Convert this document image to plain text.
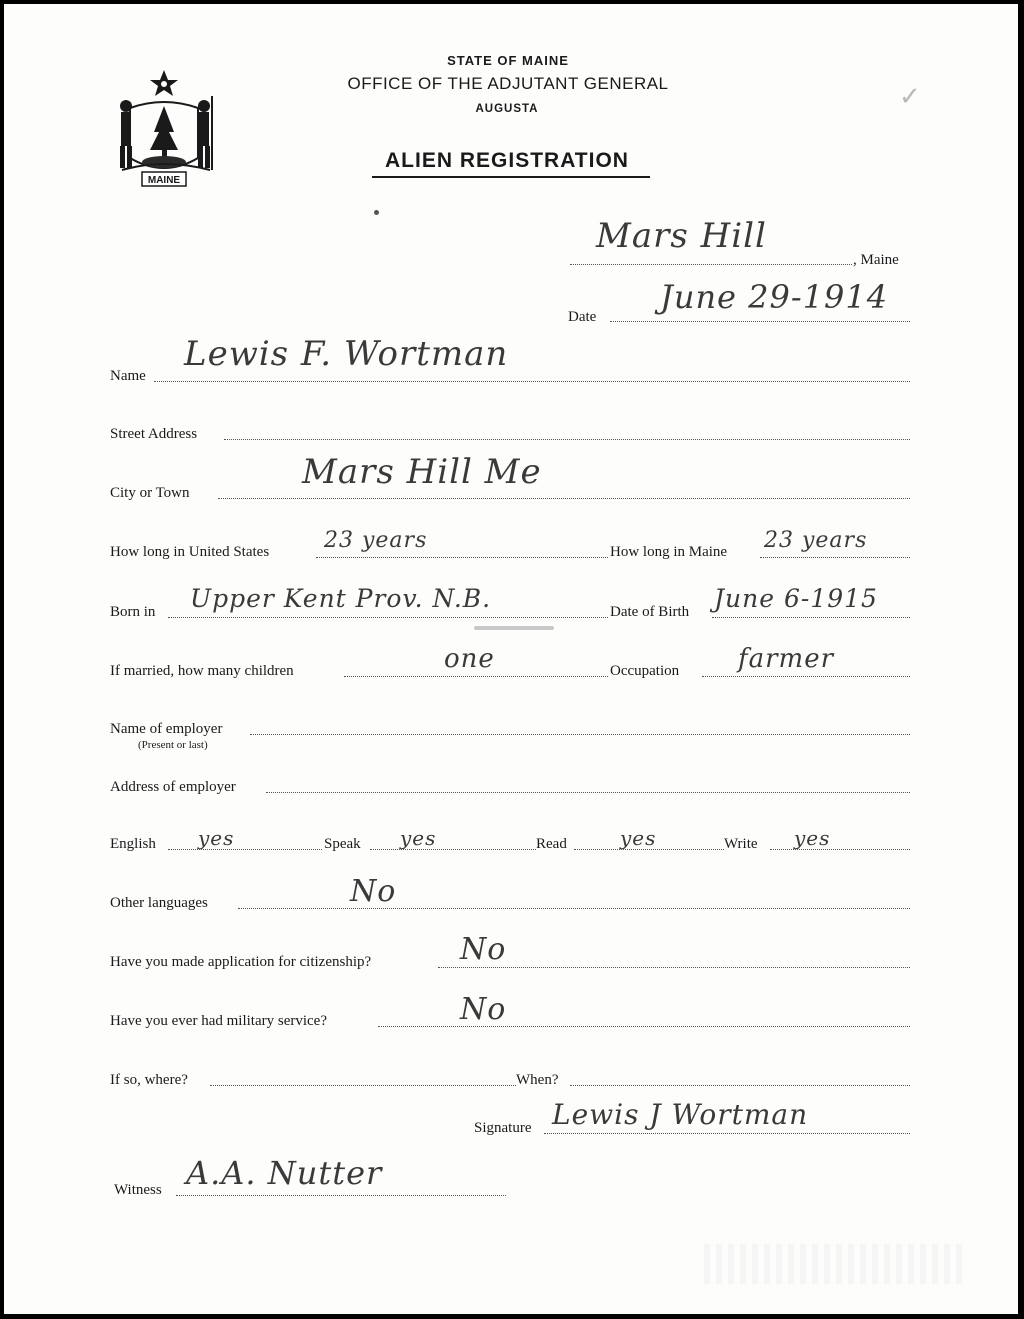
MAINE
STATE OF MAINE
OFFICE OF THE ADJUTANT GENERAL
AUGUSTA
ALIEN REGISTRATION
✓
Mars Hill
, Maine
Date
June 29-1914
Name
Lewis F. Wortman
Street Address
City or Town
Mars Hill Me
How long in United States 23 years	How long in Maine 23 years
Born in Upper Kent Prov. N.B.	Date of Birth June 6-1915
If married, how many children	one	Occupation farmer
Name of employer
(Present or last)
Address of employer
English yes	Speak yes	Read	yes	Write yes
Other languages	No
Have you made application for citizenship?	No
Have you ever had military service?	No
If so, where?	When?
Signature Lewis J Wortman
Witness A.A. Nutter
